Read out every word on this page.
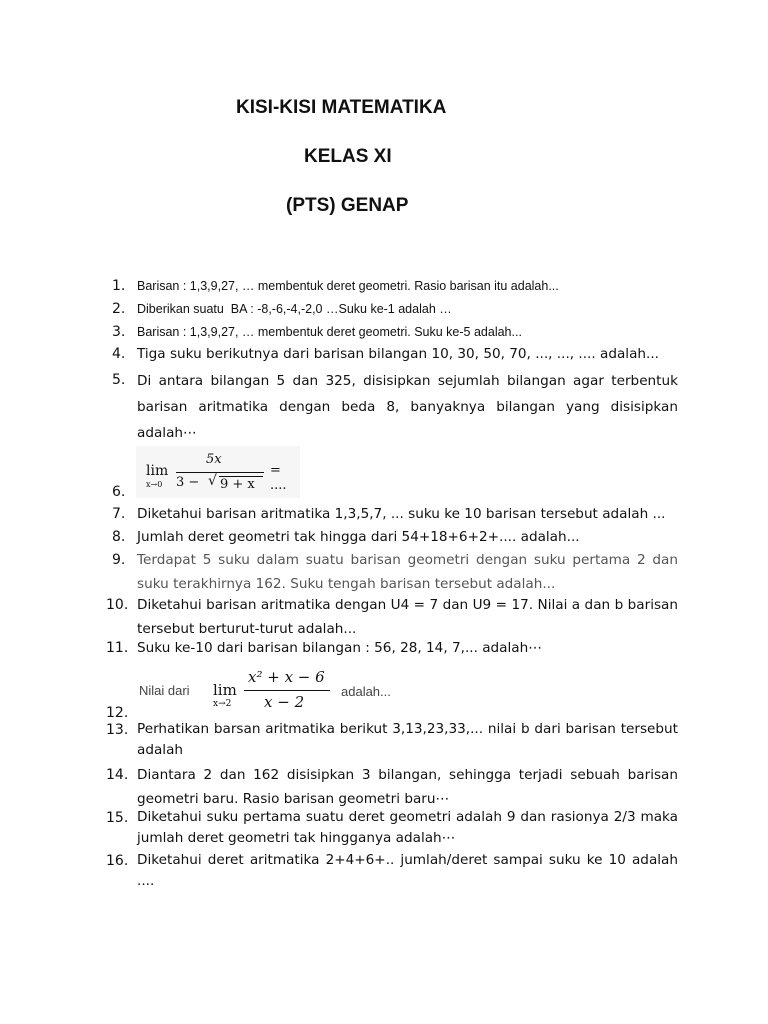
KISI-KISI MATEMATIKA
KELAS XI
(PTS) GENAP
1. Barisan : 1,3,9,27, … membentuk deret geometri. Rasio barisan itu adalah...
2. Diberikan suatu  BA : -8,-6,-4,-2,0 …Suku ke-1 adalah …
3. Barisan : 1,3,9,27, … membentuk deret geometri. Suku ke-5 adalah...
4. Tiga suku berikutnya dari barisan bilangan 10, 30, 50, 70, ..., ..., .... adalah...
5. Di antara bilangan 5 dan 325, disisipkan sejumlah bilangan agar terbentuk barisan aritmatika dengan beda 8, banyaknya bilangan yang disisipkan adalah⋯
6.
lim
x→0
5x
3 − √ 9 + x
= ....
7. Diketahui barisan aritmatika 1,3,5,7, ... suku ke 10 barisan tersebut adalah ...
8. Jumlah deret geometri tak hingga dari 54+18+6+2+.... adalah...
9. Terdapat 5 suku dalam suatu barisan geometri dengan suku pertama 2 dan suku terakhirnya 162. Suku tengah barisan tersebut adalah...
10. Diketahui barisan aritmatika dengan U4 = 7 dan U9 = 17. Nilai a dan b barisan tersebut berturut-turut adalah...
11. Suku ke-10 dari barisan bilangan : 56, 28, 14, 7,... adalah⋯
12.
Nilai dari lim
x→2
x² + x − 6
x − 2
adalah...
13. Perhatikan barsan aritmatika berikut 3,13,23,33,... nilai b dari barisan tersebut adalah
14. Diantara 2 dan 162 disisipkan 3 bilangan, sehingga terjadi sebuah barisan geometri baru. Rasio barisan geometri baru⋯
15. Diketahui suku pertama suatu deret geometri adalah 9 dan rasionya 2/3 maka jumlah deret geometri tak hingganya adalah⋯
16. Diketahui deret aritmatika 2+4+6+.. jumlah/deret sampai suku ke 10 adalah ....
